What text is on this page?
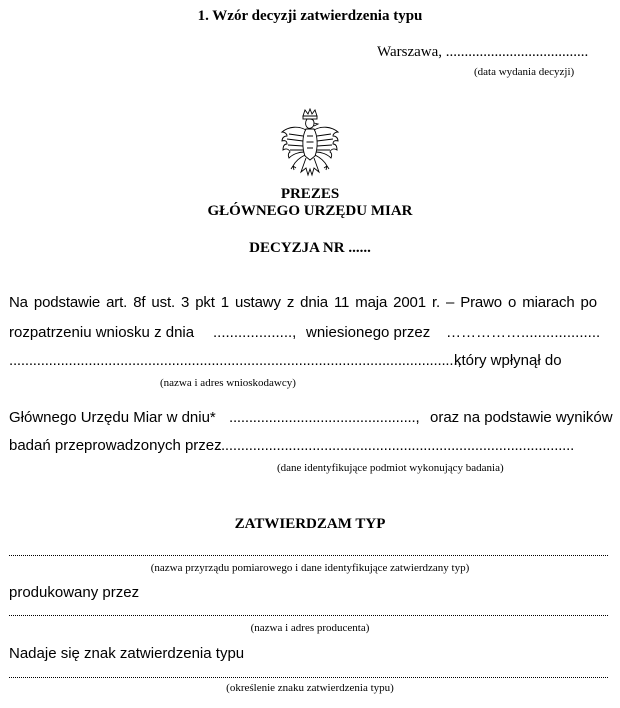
1. Wzór decyzji zatwierdzenia typu
Warszawa, ......................................
(data wydania decyzji)
PREZES
GŁÓWNEGO URZĘDU MIAR
DECYZJA NR ......
Na podstawie art. 8f ust. 3 pkt 1 ustawy z dnia 11 maja 2001 r. – Prawo o miarach po
rozpatrzeniu wniosku z dnia ..................., wniesionego przez ……………...................
.................................................................................................................,
który wpłynął do
(nazwa i adres wnioskodawcy)
Głównego Urzędu Miar w dniu* ..............................................., oraz na podstawie wyników
badań przeprowadzonych przez
..........................................................................................
(dane identyfikujące podmiot wykonujący badania)
ZATWIERDZAM TYP
(nazwa przyrządu pomiarowego i dane identyfikujące zatwierdzany typ)
produkowany przez
(nazwa i adres producenta)
Nadaje się znak zatwierdzenia typu
(określenie znaku zatwierdzenia typu)
